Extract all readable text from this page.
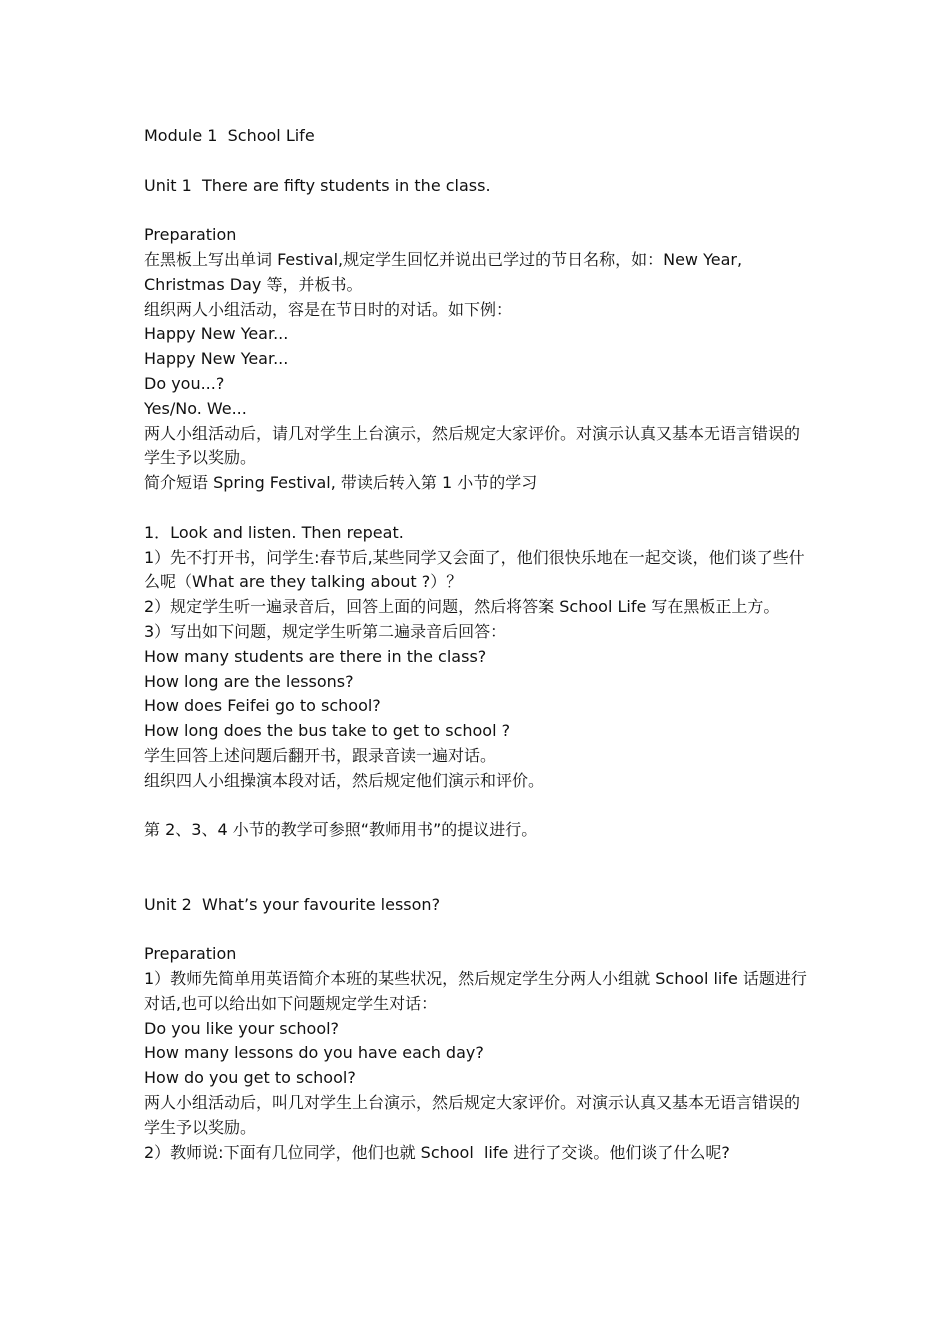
Module 1  School Life

Unit 1  There are fifty students in the class.

Preparation

在黑板上写出单词 Festival,规定学生回忆并说出已学过的节日名称，如：New Year, Christmas Day 等，并板书。

组织两人小组活动，容是在节日时的对话。如下例：

Happy New Year...

Happy New Year...

Do you...?

Yes/No. We...

两人小组活动后，请几对学生上台演示，然后规定大家评价。对演示认真又基本无语言错误的学生予以奖励。

简介短语 Spring Festival, 带读后转入第 1 小节的学习

1．Look and listen. Then repeat.

1）先不打开书，问学生:春节后,某些同学又会面了，他们很快乐地在一起交谈，他们谈了些什么呢（What are they talking about ?）？

2）规定学生听一遍录音后，回答上面的问题，然后将答案 School Life 写在黑板正上方。

3）写出如下问题，规定学生听第二遍录音后回答：

How many students are there in the class?

How long are the lessons?

How does Feifei go to school?

How long does the bus take to get to school ?

学生回答上述问题后翻开书，跟录音读一遍对话。

组织四人小组操演本段对话，然后规定他们演示和评价。

第 2、3、4 小节的教学可参照“教师用书”的提议进行。

Unit 2  What’s your favourite lesson?

Preparation

1）教师先简单用英语简介本班的某些状况，然后规定学生分两人小组就 School life 话题进行对话,也可以给出如下问题规定学生对话：

Do you like your school?

How many lessons do you have each day?

How do you get to school?

两人小组活动后，叫几对学生上台演示，然后规定大家评价。对演示认真又基本无语言错误的学生予以奖励。

2）教师说:下面有几位同学，他们也就 School  life 进行了交谈。他们谈了什么呢?
